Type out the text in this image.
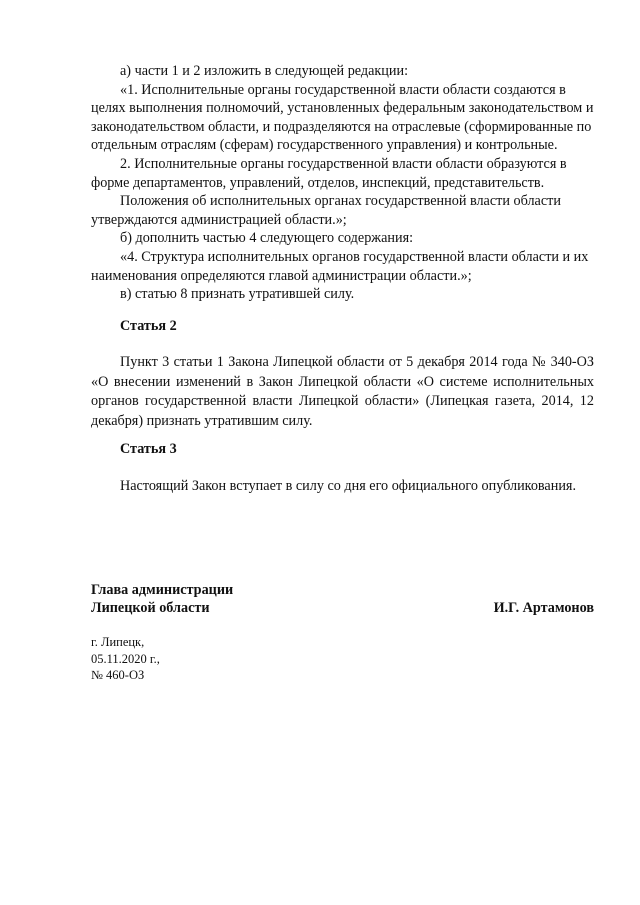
а) части 1 и 2 изложить в следующей редакции:

«1. Исполнительные органы государственной власти области создаются в целях выполнения полномочий, установленных федеральным законодательством и законодательством области, и подразделяются на отраслевые (сформированные по отдельным отраслям (сферам) государственного управления) и контрольные.

2. Исполнительные органы государственной власти области образуются в форме департаментов, управлений, отделов, инспекций, представительств.

Положения об исполнительных органах государственной власти области утверждаются администрацией области.»;

б) дополнить частью 4 следующего содержания:

«4. Структура исполнительных органов государственной власти области и их наименования определяются главой администрации области.»;

в) статью 8 признать утратившей силу.

Статья 2

Пункт 3 статьи 1 Закона Липецкой области от 5 декабря 2014 года № 340-ОЗ «О внесении изменений в Закон Липецкой области «О системе исполнительных органов государственной власти Липецкой области» (Липецкая газета, 2014, 12 декабря) признать утратившим силу.

Статья 3

Настоящий Закон вступает в силу со дня его официального опубликования.

Глава администрации
Липецкой области	И.Г. Артамонов
г. Липецк,
05.11.2020 г.,
№ 460-ОЗ
